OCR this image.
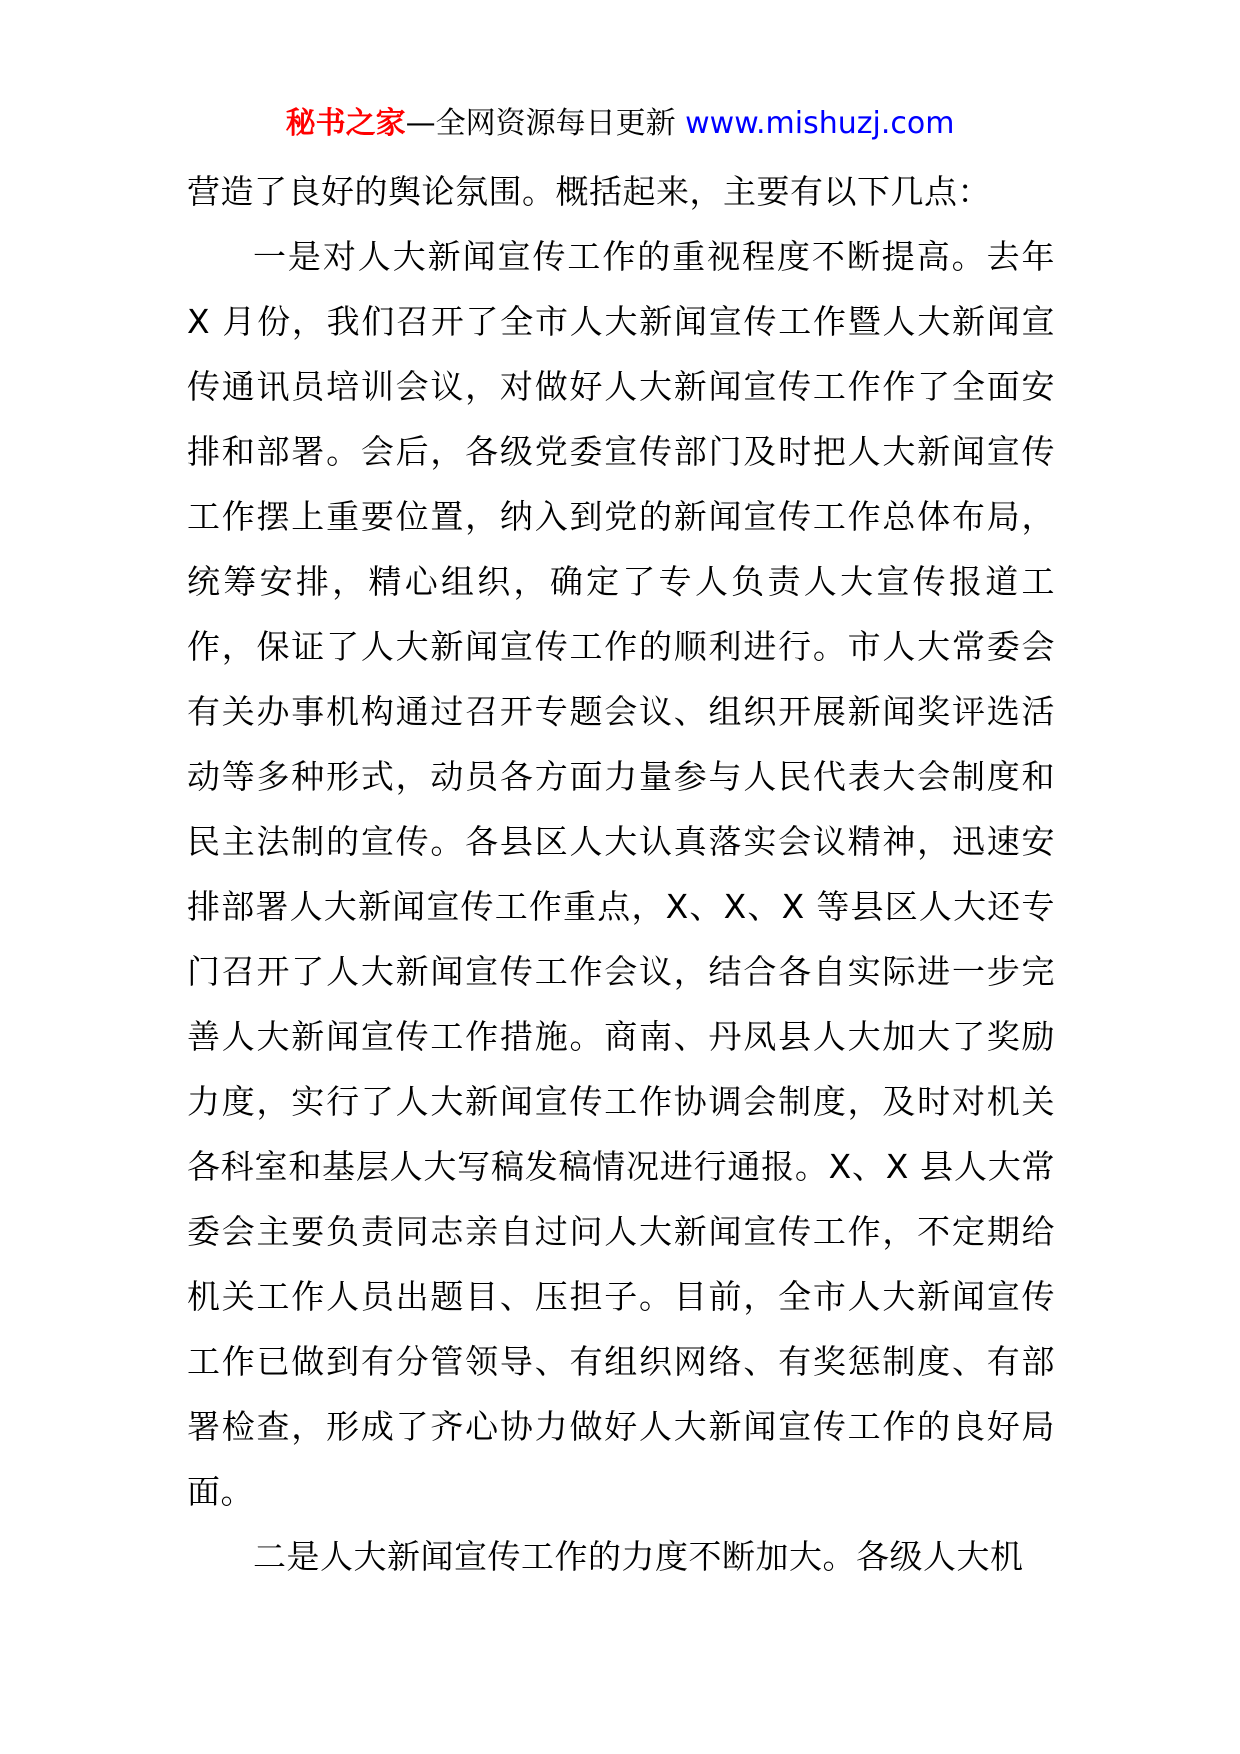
秘书之家—全网资源每日更新 www.mishuzj.com

营造了良好的舆论氛围。概括起来，主要有以下几点：

一是对人大新闻宣传工作的重视程度不断提高。去年 X 月份，我们召开了全市人大新闻宣传工作暨人大新闻宣传通讯员培训会议，对做好人大新闻宣传工作作了全面安排和部署。会后，各级党委宣传部门及时把人大新闻宣传工作摆上重要位置，纳入到党的新闻宣传工作总体布局，统筹安排，精心组织，确定了专人负责人大宣传报道工作，保证了人大新闻宣传工作的顺利进行。市人大常委会有关办事机构通过召开专题会议、组织开展新闻奖评选活动等多种形式，动员各方面力量参与人民代表大会制度和民主法制的宣传。各县区人大认真落实会议精神，迅速安排部署人大新闻宣传工作重点，X、X、X 等县区人大还专门召开了人大新闻宣传工作会议，结合各自实际进一步完善人大新闻宣传工作措施。商南、丹凤县人大加大了奖励力度，实行了人大新闻宣传工作协调会制度，及时对机关各科室和基层人大写稿发稿情况进行通报。X、X 县人大常委会主要负责同志亲自过问人大新闻宣传工作，不定期给机关工作人员出题目、压担子。目前，全市人大新闻宣传工作已做到有分管领导、有组织网络、有奖惩制度、有部署检查，形成了齐心协力做好人大新闻宣传工作的良好局面。

二是人大新闻宣传工作的力度不断加大。各级人大机
